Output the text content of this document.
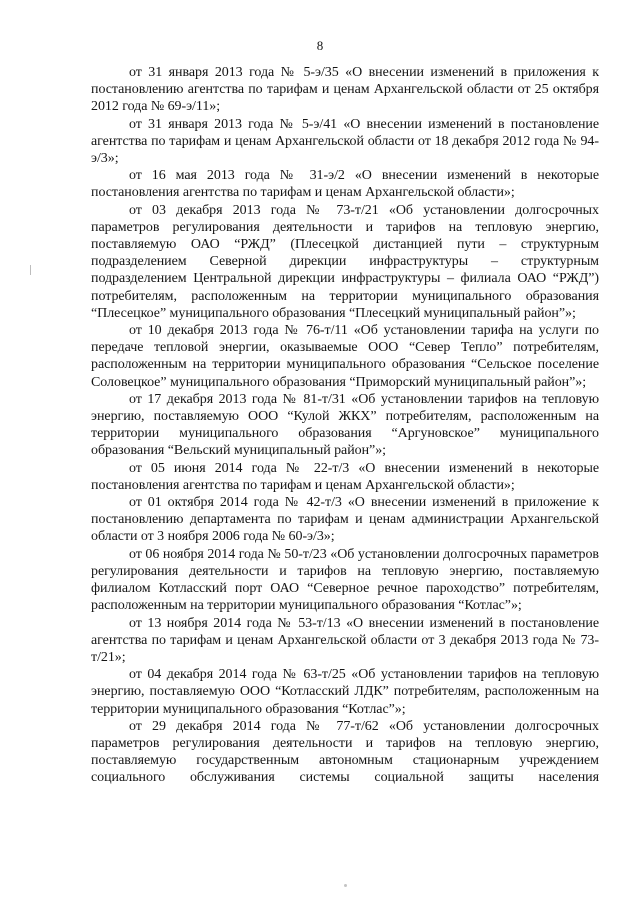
8

от 31 января 2013 года № 5-э/35 «О внесении изменений в приложения к постановлению агентства по тарифам и ценам Архангельской области от 25 октября 2012 года № 69-э/11»;

от 31 января 2013 года № 5-э/41 «О внесении изменений в постановление агентства по тарифам и ценам Архангельской области от 18 декабря 2012 года № 94-э/3»;

от 16 мая 2013 года № 31-э/2 «О внесении изменений в некоторые постановления агентства по тарифам и ценам Архангельской области»;

от 03 декабря 2013 года № 73-т/21 «Об установлении долгосрочных параметров регулирования деятельности и тарифов на тепловую энергию, поставляемую ОАО “РЖД” (Плесецкой дистанцией пути – структурным подразделением Северной дирекции инфраструктуры – структурным подразделением Центральной дирекции инфраструктуры – филиала ОАО “РЖД”) потребителям, расположенным на территории муниципального образования “Плесецкое” муниципального образования “Плесецкий муниципальный район”»;

от 10 декабря 2013 года № 76-т/11 «Об установлении тарифа на услуги по передаче тепловой энергии, оказываемые ООО “Север Тепло” потребителям, расположенным на территории муниципального образования “Сельское поселение Соловецкое” муниципального образования “Приморский муниципальный район”»;

от 17 декабря 2013 года № 81-т/31 «Об установлении тарифов на тепловую энергию, поставляемую ООО “Кулой ЖКХ” потребителям, расположенным на территории муниципального образования “Аргуновское” муниципального образования “Вельский муниципальный район”»;

от 05 июня 2014 года № 22-т/3 «О внесении изменений в некоторые постановления агентства по тарифам и ценам Архангельской области»;

от 01 октября 2014 года № 42-т/3 «О внесении изменений в приложение к постановлению департамента по тарифам и ценам администрации Архангельской области от 3 ноября 2006 года № 60-э/3»;

от 06 ноября 2014 года № 50-т/23 «Об установлении долгосрочных параметров регулирования деятельности и тарифов на тепловую энергию, поставляемую филиалом Котласский порт ОАО “Северное речное пароходство” потребителям, расположенным на территории муниципального образования “Котлас”»;

от 13 ноября 2014 года № 53-т/13 «О внесении изменений в постановление агентства по тарифам и ценам Архангельской области от 3 декабря 2013 года № 73-т/21»;

от 04 декабря 2014 года № 63-т/25 «Об установлении тарифов на тепловую энергию, поставляемую ООО “Котласский ЛДК” потребителям, расположенным на территории муниципального образования “Котлас”»;

от 29 декабря 2014 года № 77-т/62 «Об установлении долгосрочных параметров регулирования деятельности и тарифов на тепловую энергию, поставляемую государственным автономным стационарным учреждением социального обслуживания системы социальной защиты населения
